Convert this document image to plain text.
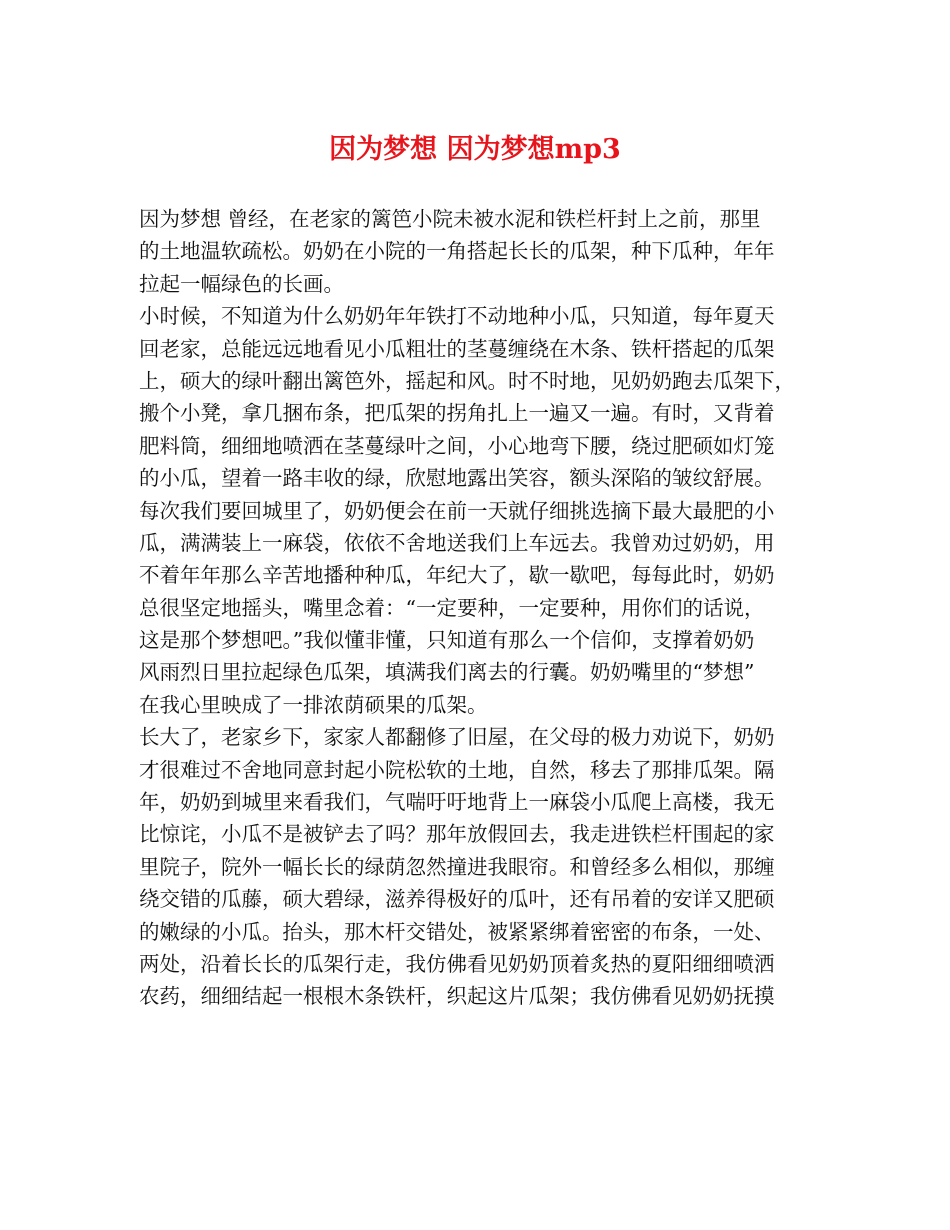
因为梦想 因为梦想mp3
因为梦想 曾经，在老家的篱笆小院未被水泥和铁栏杆封上之前，那里
的土地温软疏松。奶奶在小院的一角搭起长长的瓜架，种下瓜种，年年
拉起一幅绿色的长画。
小时候，不知道为什么奶奶年年铁打不动地种小瓜，只知道，每年夏天
回老家，总能远远地看见小瓜粗壮的茎蔓缠绕在木条、铁杆搭起的瓜架
上，硕大的绿叶翻出篱笆外，摇起和风。时不时地，见奶奶跑去瓜架下，
搬个小凳，拿几捆布条，把瓜架的拐角扎上一遍又一遍。有时，又背着
肥料筒，细细地喷洒在茎蔓绿叶之间，小心地弯下腰，绕过肥硕如灯笼
的小瓜，望着一路丰收的绿，欣慰地露出笑容，额头深陷的皱纹舒展。
每次我们要回城里了，奶奶便会在前一天就仔细挑选摘下最大最肥的小
瓜，满满装上一麻袋，依依不舍地送我们上车远去。我曾劝过奶奶，用
不着年年那么辛苦地播种种瓜，年纪大了，歇一歇吧，每每此时，奶奶
总很坚定地摇头，嘴里念着：“一定要种，一定要种，用你们的话说，
这是那个梦想吧。”我似懂非懂，只知道有那么一个信仰，支撑着奶奶
风雨烈日里拉起绿色瓜架，填满我们离去的行囊。奶奶嘴里的“梦想”
在我心里映成了一排浓荫硕果的瓜架。
长大了，老家乡下，家家人都翻修了旧屋，在父母的极力劝说下，奶奶
才很难过不舍地同意封起小院松软的土地，自然，移去了那排瓜架。隔
年，奶奶到城里来看我们，气喘吁吁地背上一麻袋小瓜爬上高楼，我无
比惊诧，小瓜不是被铲去了吗？那年放假回去，我走进铁栏杆围起的家
里院子，院外一幅长长的绿荫忽然撞进我眼帘。和曾经多么相似，那缠
绕交错的瓜藤，硕大碧绿，滋养得极好的瓜叶，还有吊着的安详又肥硕
的嫩绿的小瓜。抬头，那木杆交错处，被紧紧绑着密密的布条，一处、
两处，沿着长长的瓜架行走，我仿佛看见奶奶顶着炙热的夏阳细细喷洒
农药，细细结起一根根木条铁杆，织起这片瓜架；我仿佛看见奶奶抚摸
